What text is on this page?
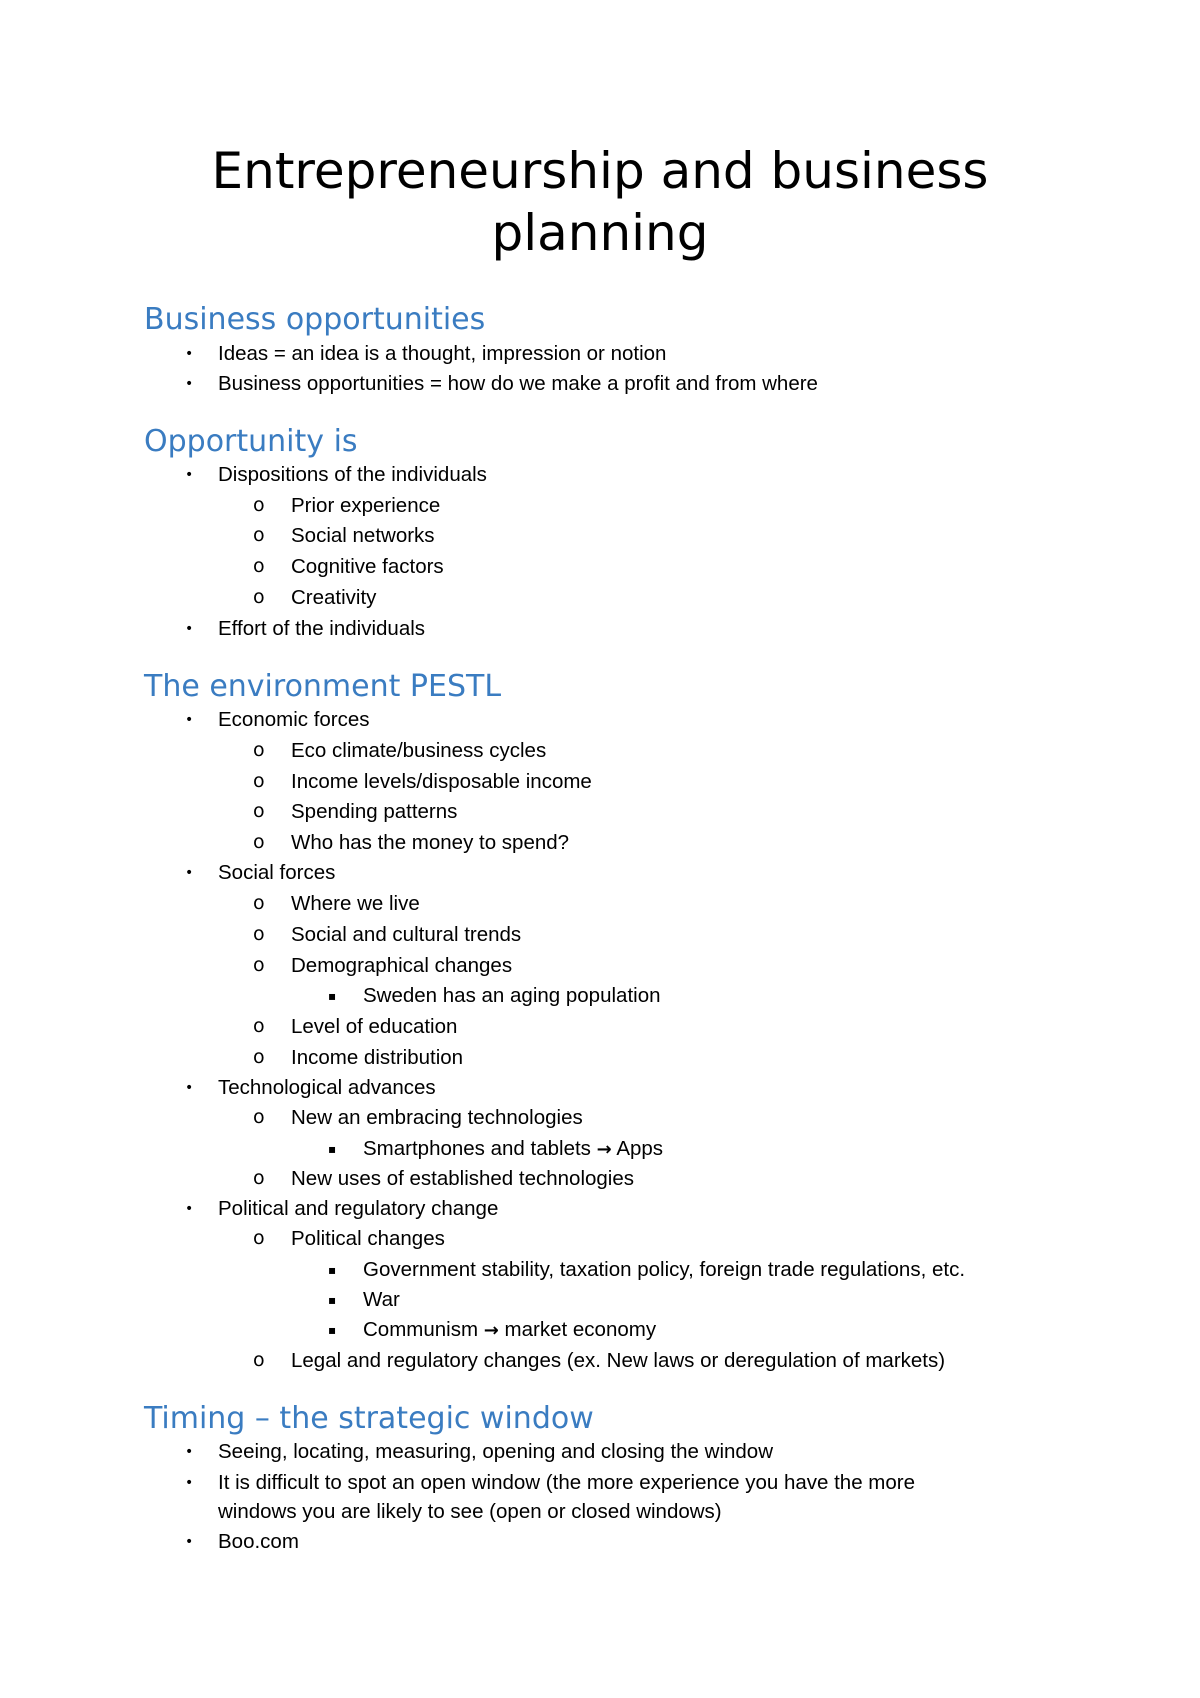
Entrepreneurship and business planning
Business opportunities
• Ideas = an idea is a thought, impression or notion
• Business opportunities = how do we make a profit and from where
Opportunity is
• Dispositions of the individuals
o Prior experience
o Social networks
o Cognitive factors
o Creativity
• Effort of the individuals
The environment PESTL
• Economic forces
o Eco climate/business cycles
o Income levels/disposable income
o Spending patterns
o Who has the money to spend?
• Social forces
o Where we live
o Social and cultural trends
o Demographical changes
▪ Sweden has an aging population
o Level of education
o Income distribution
• Technological advances
o New an embracing technologies
▪ Smartphones and tablets → Apps
o New uses of established technologies
• Political and regulatory change
o Political changes
▪ Government stability, taxation policy, foreign trade regulations, etc.
▪ War
▪ Communism → market economy
o Legal and regulatory changes (ex. New laws or deregulation of markets)
Timing – the strategic window
• Seeing, locating, measuring, opening and closing the window
• It is difficult to spot an open window (the more experience you have the more
windows you are likely to see (open or closed windows)
• Boo.com
